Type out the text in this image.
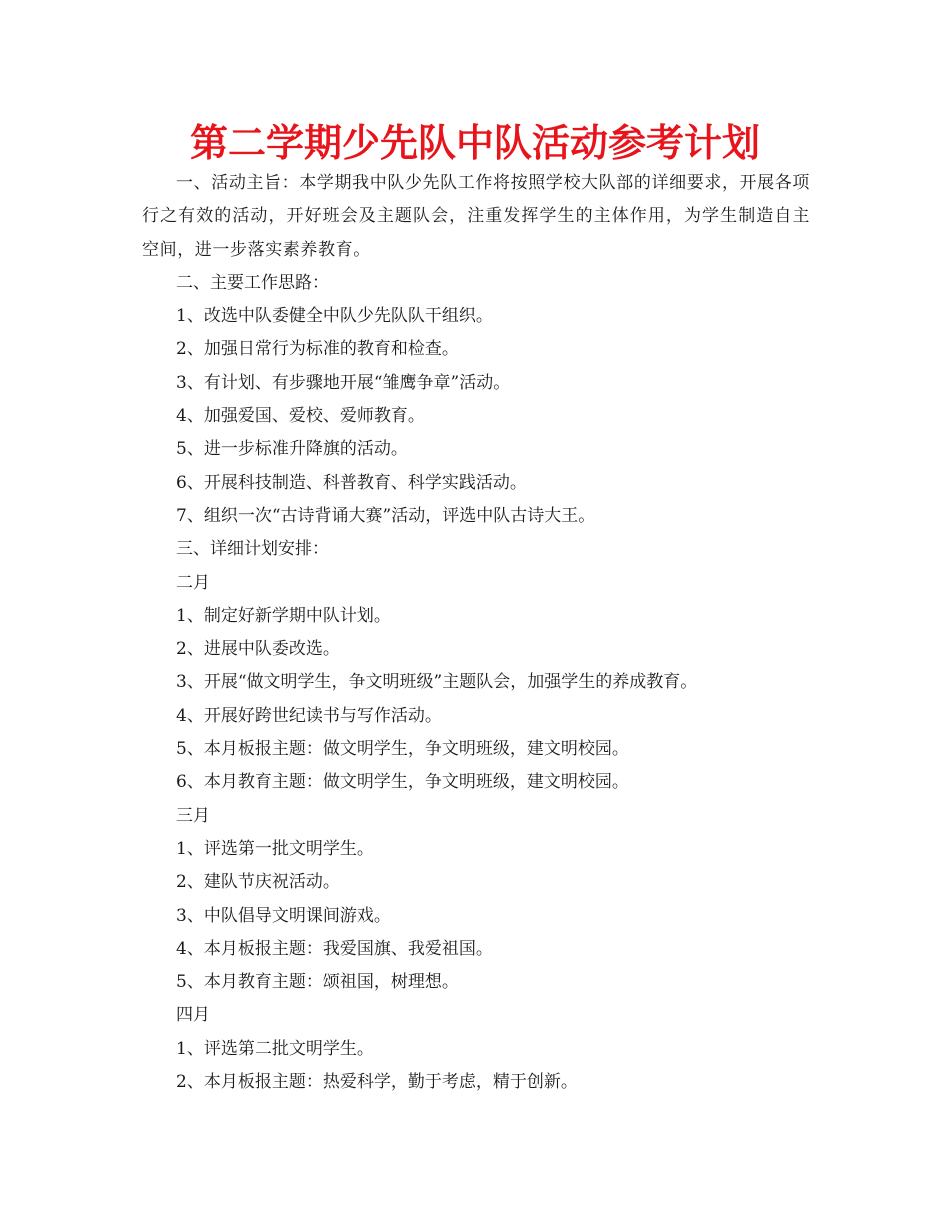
第二学期少先队中队活动参考计划

一、活动主旨：本学期我中队少先队工作将按照学校大队部的详细要求，开展各项行之有效的活动，开好班会及主题队会，注重发挥学生的主体作用，为学生制造自主空间，进一步落实素养教育。

二、主要工作思路：

1、改选中队委健全中队少先队队干组织。

2、加强日常行为标准的教育和检查。

3、有计划、有步骤地开展“雏鹰争章”活动。

4、加强爱国、爱校、爱师教育。

5、进一步标准升降旗的活动。

6、开展科技制造、科普教育、科学实践活动。

7、组织一次“古诗背诵大赛”活动，评选中队古诗大王。

三、详细计划安排：

二月

1、制定好新学期中队计划。

2、进展中队委改选。

3、开展“做文明学生，争文明班级”主题队会，加强学生的养成教育。

4、开展好跨世纪读书与写作活动。

5、本月板报主题：做文明学生，争文明班级，建文明校园。

6、本月教育主题：做文明学生，争文明班级，建文明校园。

三月

1、评选第一批文明学生。

2、建队节庆祝活动。

3、中队倡导文明课间游戏。

4、本月板报主题：我爱国旗、我爱祖国。

5、本月教育主题：颂祖国，树理想。

四月

1、评选第二批文明学生。

2、本月板报主题：热爱科学，勤于考虑，精于创新。
